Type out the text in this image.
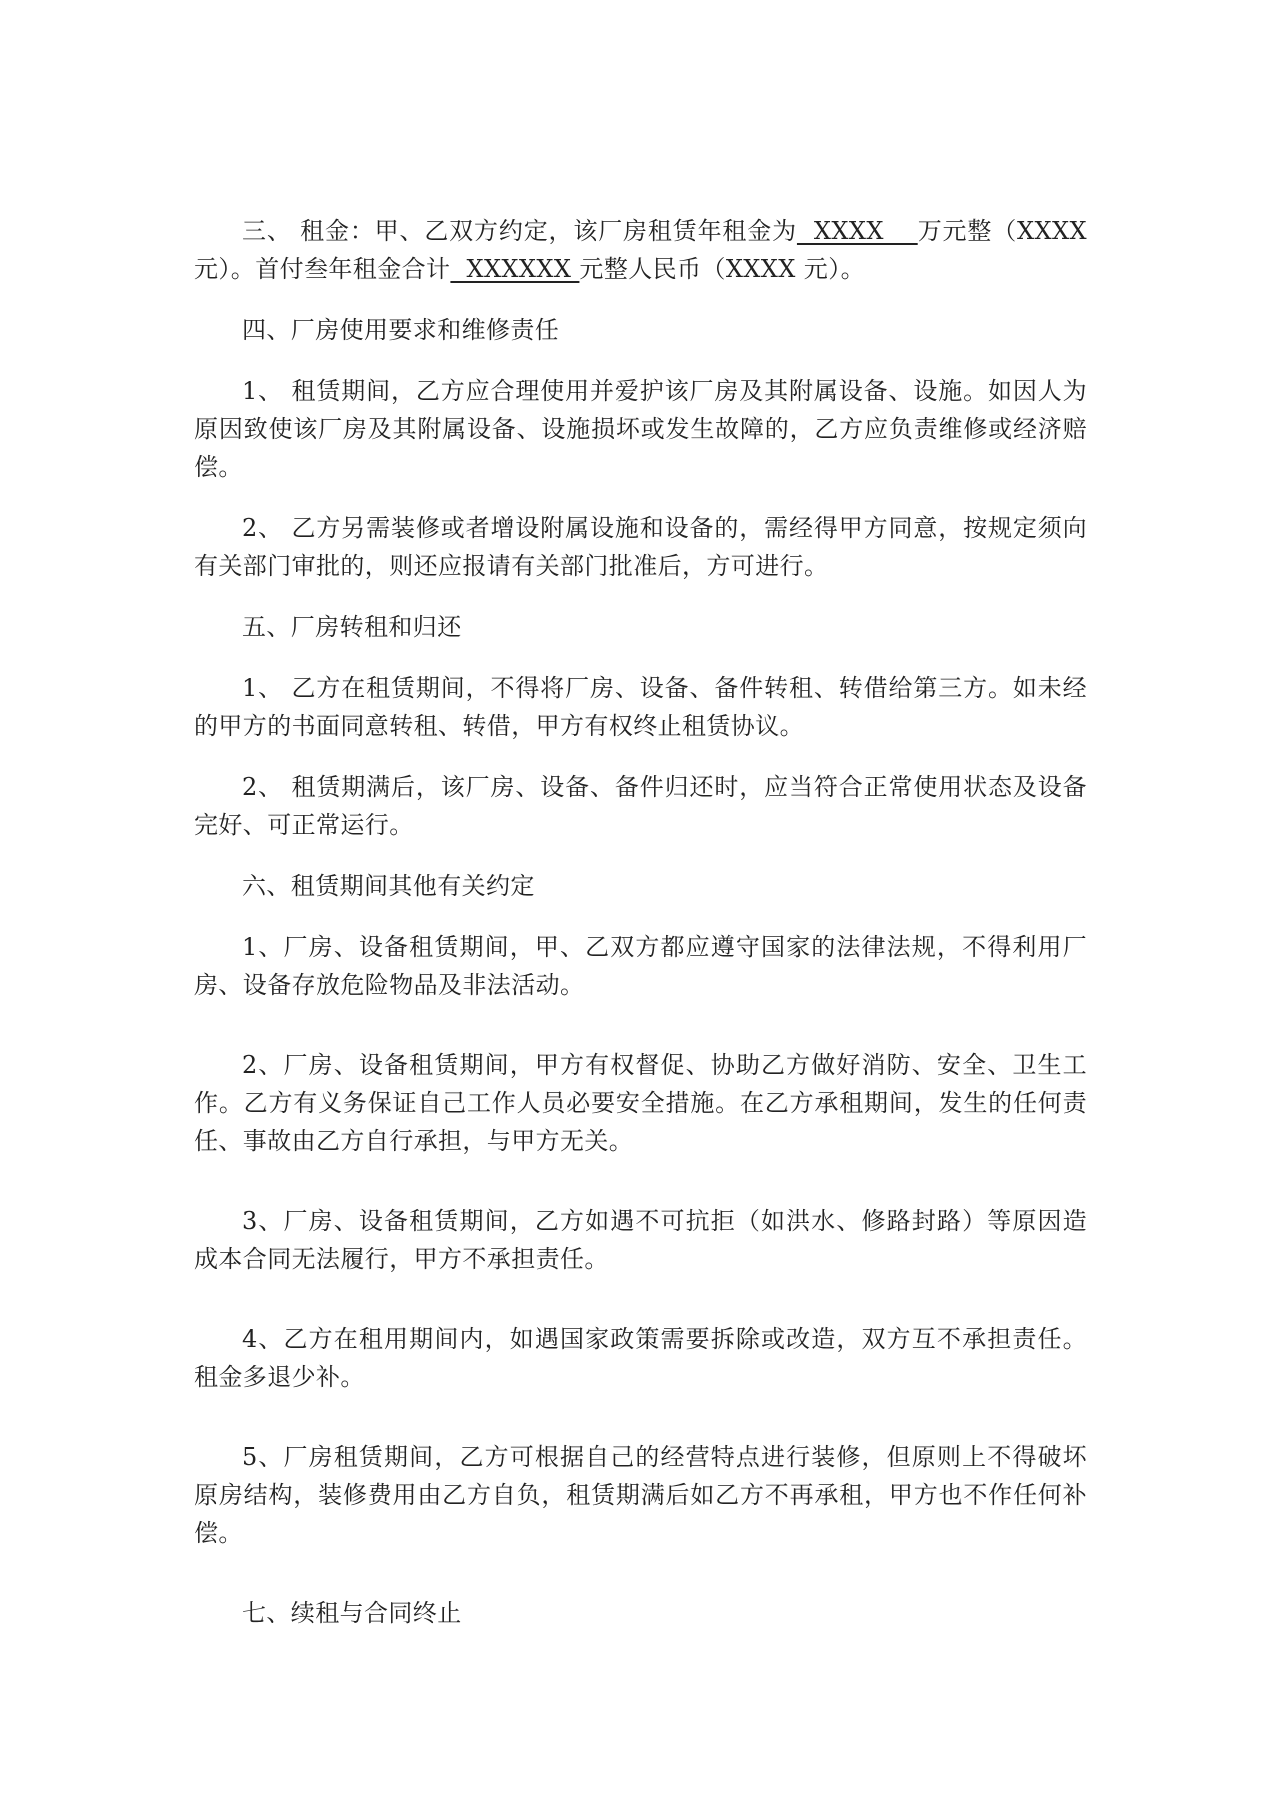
三、 租金：甲、乙双方约定，该厂房租赁年租金为  XXXX    万元整（XXXX 元）。首付叁年租金合计  XXXXXX 元整人民币（XXXX 元）。

四、厂房使用要求和维修责任

1、 租赁期间，乙方应合理使用并爱护该厂房及其附属设备、设施。如因人为原因致使该厂房及其附属设备、设施损坏或发生故障的，乙方应负责维修或经济赔偿。

2、 乙方另需装修或者增设附属设施和设备的，需经得甲方同意，按规定须向有关部门审批的，则还应报请有关部门批准后，方可进行。

五、厂房转租和归还

1、 乙方在租赁期间，不得将厂房、设备、备件转租、转借给第三方。如未经的甲方的书面同意转租、转借，甲方有权终止租赁协议。

2、 租赁期满后，该厂房、设备、备件归还时，应当符合正常使用状态及设备完好、可正常运行。

六、租赁期间其他有关约定

1、厂房、设备租赁期间，甲、乙双方都应遵守国家的法律法规，不得利用厂房、设备存放危险物品及非法活动。

2、厂房、设备租赁期间，甲方有权督促、协助乙方做好消防、安全、卫生工作。乙方有义务保证自己工作人员必要安全措施。在乙方承租期间，发生的任何责任、事故由乙方自行承担，与甲方无关。

3、厂房、设备租赁期间，乙方如遇不可抗拒（如洪水、修路封路）等原因造成本合同无法履行，甲方不承担责任。

4、乙方在租用期间内，如遇国家政策需要拆除或改造，双方互不承担责任。租金多退少补。

5、厂房租赁期间，乙方可根据自己的经营特点进行装修，但原则上不得破坏原房结构，装修费用由乙方自负，租赁期满后如乙方不再承租，甲方也不作任何补偿。

七、续租与合同终止
